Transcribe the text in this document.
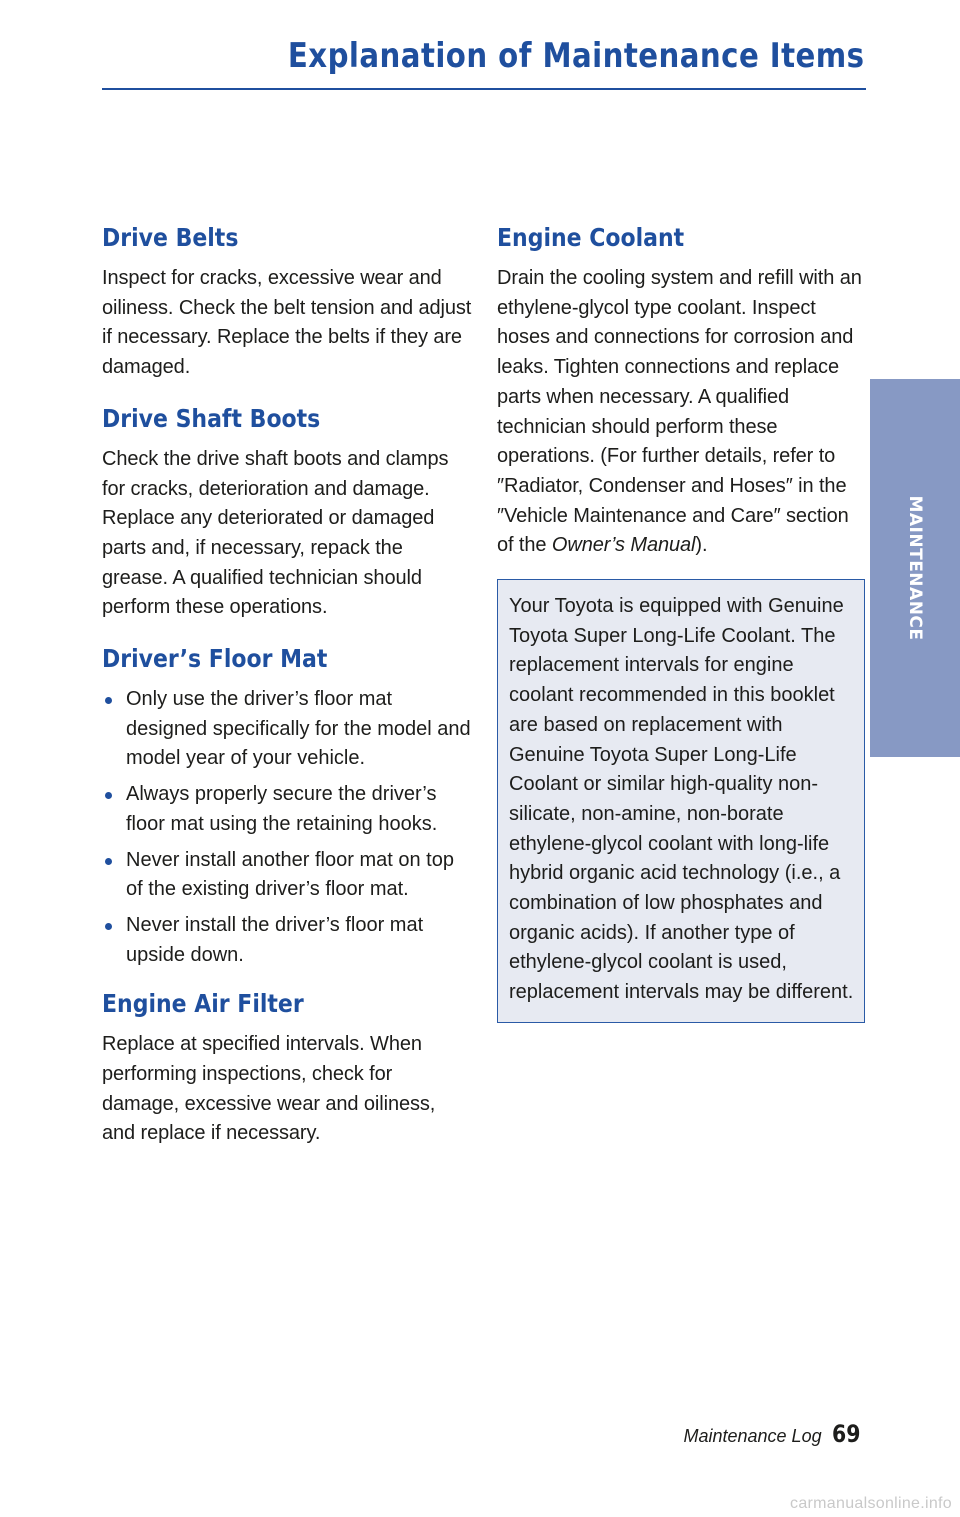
Explanation of Maintenance Items
Drive Belts

Inspect for cracks, excessive wear and oiliness. Check the belt tension and adjust if necessary. Replace the belts if they are damaged.

Drive Shaft Boots

Check the drive shaft boots and clamps for cracks, deterioration and damage. Replace any deteriorated or damaged parts and, if necessary, repack the grease. A qualified technician should perform these operations.

Driver’s Floor Mat
Only use the driver’s floor mat designed specifically for the model and model year of your vehicle.
Always properly secure the driver’s floor mat using the retaining hooks.
Never install another floor mat on top of the existing driver’s floor mat.
Never install the driver’s floor mat upside down.
Engine Air Filter

Replace at specified intervals. When performing inspections, check for damage, excessive wear and oiliness, and replace if necessary.

Engine Coolant

Drain the cooling system and refill with an ethylene-glycol type coolant. Inspect hoses and connections for corrosion and leaks. Tighten connections and replace parts when necessary. A qualified technician should perform these operations. (For further details, refer to ″Radiator, Condenser and Hoses″ in the ″Vehicle Maintenance and Care″ section of the Owner’s Manual).

Your Toyota is equipped with Genuine Toyota Super Long-Life Coolant. The replacement intervals for engine coolant recommended in this booklet are based on replacement with Genuine Toyota Super Long-Life Coolant or similar high-quality non-silicate, non-amine, non-borate ethylene-glycol coolant with long-life hybrid organic acid technology (i.e., a combination of low phosphates and organic acids). If another type of ethylene-glycol coolant is used, replacement intervals may be different.
MAINTENANCE
Maintenance Log 69
carmanualsonline.info
